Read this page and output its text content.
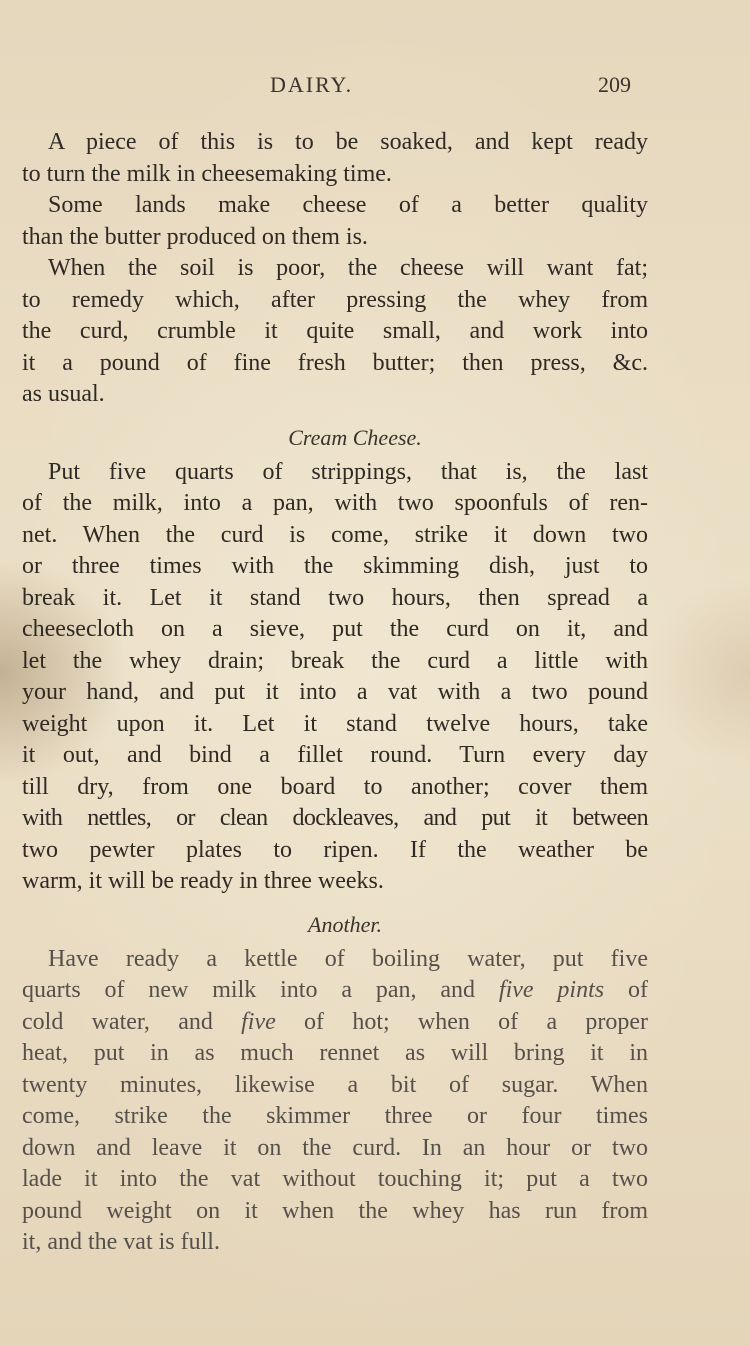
DAIRY.	209
A piece of this is to be soaked, and kept ready
to turn the milk in cheesemaking time.
Some lands make cheese of a better quality
than the butter produced on them is.
When the soil is poor, the cheese will want fat;
to remedy which, after pressing the whey from
the curd, crumble it quite small, and work into
it a pound of fine fresh butter; then press, &c.
as usual.
Cream Cheese.
Put five quarts of strippings, that is, the last
of the milk, into a pan, with two spoonfuls of ren-
net. When the curd is come, strike it down two
or three times with the skimming dish, just to
break it. Let it stand two hours, then spread a
cheesecloth on a sieve, put the curd on it, and
let the whey drain; break the curd a little with
your hand, and put it into a vat with a two pound
weight upon it. Let it stand twelve hours, take
it out, and bind a fillet round. Turn every day
till dry, from one board to another; cover them
with nettles, or clean dockleaves, and put it between
two pewter plates to ripen. If the weather be
warm, it will be ready in three weeks.
Another.
Have ready a kettle of boiling water, put five
quarts of new milk into a pan, and five pints of
cold water, and five of hot; when of a proper
heat, put in as much rennet as will bring it in
twenty minutes, likewise a bit of sugar. When
come, strike the skimmer three or four times
down and leave it on the curd. In an hour or two
lade it into the vat without touching it; put a two
pound weight on it when the whey has run from
it, and the vat is full.
